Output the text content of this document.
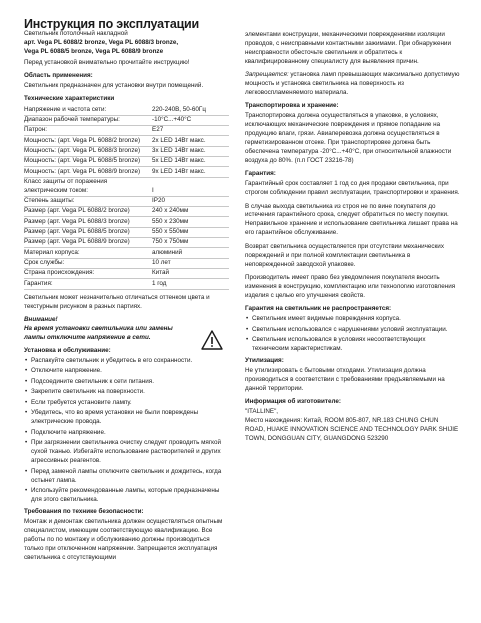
Инструкция по эксплуатации

Светильник потолочный накладной
арт. Vega PL 6088/2 bronze, Vega PL 6088/3 bronze,
Vega PL 6088/5 bronze, Vega PL 6088/9 bronze
Перед установкой внимательно прочитайте инструкцию!

Область применения:

Светильник предназначен для установки внутри помещений.

Технические характеристики
Напряжение и частота сети:	220-240В, 50-60Гц
Диапазон рабочей температуры:	-10°С...+40°С
Патрон:	E27
Мощность: (арт. Vega PL 6088/2 bronze)	2x LED 14Вт макс.
Мощность: (арт. Vega PL 6088/3 bronze)	3x LED 14Вт макс.
Мощность: (арт. Vega PL 6088/5 bronze)	5x LED 14Вт макс.
Мощность: (арт. Vega PL 6088/9 bronze)	9x LED 14Вт макс.
Класс защиты от поражения электрическим током:	I
Степень защиты:	IP20
Размер (арт. Vega PL 6088/2 bronze)	240 x 240мм
Размер (арт. Vega PL 6088/3 bronze)	550 x 230мм
Размер (арт. Vega PL 6088/5 bronze)	550 x 550мм
Размер (арт. Vega PL 6088/9 bronze)	750 x 750мм
Материал корпуса:	алюминий
Срок службы:	10 лет
Страна происхождения:	Китай
Гарантия:	1 год

Светильник может незначительно отличаться оттенком цвета и текстурным рисунком в разных партиях.

Внимание!
На время установки светильника или замены лампы отключите напряжение в сети.
Установка и обслуживание:
• Распакуйте светильник и убедитесь в его сохранности.
• Отключите напряжение.
• Подсоедините светильник к сети питания.
• Закрепите светильник на поверхности.
• Если требуется установите лампу.
• Убедитесь, что во время установки не были повреждены электрические провода.
• Подключите напряжение.
• При загрязнении светильника очистку следует проводить мягкой сухой тканью. Избегайте использование растворителей и других агрессивных реагентов.
• Перед заменой лампы отключите светильник и дождитесь, когда остынет лампа.
• Используйте рекомендованные лампы, которые предназначены для этого светильника.
Требования по технике безопасности:

Монтаж и демонтаж светильника должен осуществляться опытным специалистом, имеющим соответствующую квалификацию. Все работы по по монтажу и обслуживанию должны производиться только при отключенном напряжении. Запрещается эксплуатация светильника с отсутствующими

элементами конструкции, механическими повреждениями изоляции проводов, с неисправными контактными зажимами. При обнаружении неисправности обесточьте светильник и обратитесь к квалифицированному специалисту для выявления причин.

Запрещается: установка ламп превышающих максимально допустимую мощность и установка светильника на поверхность из легковоспламеняемого материала.

Транспортировка и хранение:

Транспортировка должна осуществляться в упаковке, в условиях, исключающих механические повреждения и прямое попадание на продукцию влаги, грязи. Авиаперевозка должна осуществляться в герметизированном отсеке. При транспортировке должна быть обеспечена температура -20°С...+40°С, при относительной влажности воздуха до 80%. (п.п ГОСТ 23216-78)

Гарантия:

Гарантийный срок составляет 1 год со дня продажи светильника, при строгом соблюдении правил эксплуатации, транспортировки и хранения.

В случае выхода светильника из строя не по вине покупателя до истечения гарантийного срока, следует обратиться по месту покупки. Неправильное хранение и использование светильника лишает права на его гарантийное обслуживание.

Возврат светильника осуществляется при отсутствии механических повреждений и при полной комплектации светильника в неповрежденной заводской упаковке.

Производитель имеет право без уведомления покупателя вносить изменения в конструкцию, комплектацию или технологию изготовления изделия с целью его улучшения свойств.

Гарантия на светильник не распространяется:
• Светильник имеет видимые повреждения корпуса.
• Светильник использовался с нарушениями условий эксплуатации.
• Светильник использовался в условиях несоответствующих техническим характеристикам.
Утилизация:

Не утилизировать с бытовыми отходами. Утилизация должна производиться в соответствии с требованиями предъявляемыми на данной территории.

Информация об изготовителе:

"ITALLINE",
Место нахождения: Китай, ROOM 805-807, NR.183 CHUNG CHUN ROAD, HUAKE INNOVATION SCIENCE AND TECHNOLOGY PARK SHIJIE TOWN, DONGGUAN CITY, GUANGDONG 523290
